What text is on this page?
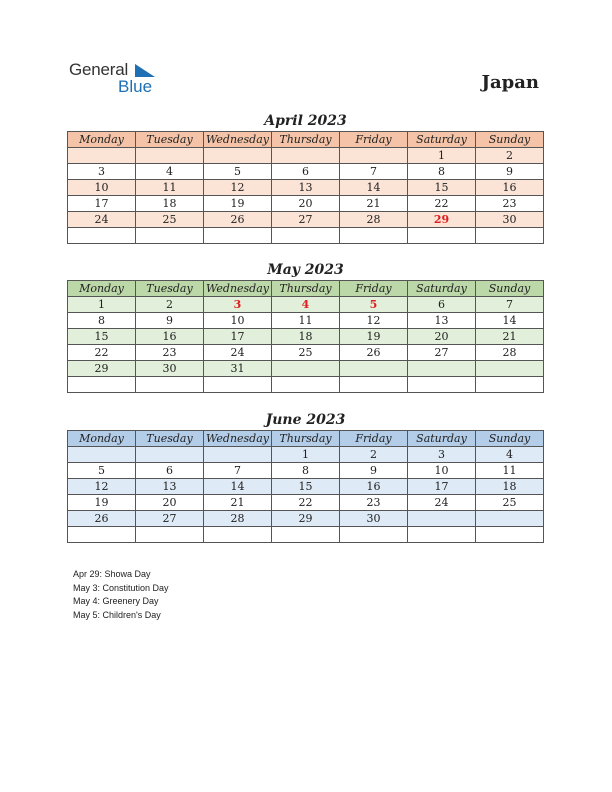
General
Blue	Japan
April 2023
Monday	Tuesday	Wednesday	Thursday	Friday	Saturday	Sunday
					1	2
3	4	5	6	7	8	9
10	11	12	13	14	15	16
17	18	19	20	21	22	23
24	25	26	27	28	29	30

May 2023
Monday	Tuesday	Wednesday	Thursday	Friday	Saturday	Sunday
1	2	3	4	5	6	7
8	9	10	11	12	13	14
15	16	17	18	19	20	21
22	23	24	25	26	27	28
29	30	31				

June 2023
Monday	Tuesday	Wednesday	Thursday	Friday	Saturday	Sunday
			1	2	3	4
5	6	7	8	9	10	11
12	13	14	15	16	17	18
19	20	21	22	23	24	25
26	27	28	29	30		

Apr 29: Showa Day
May 3: Constitution Day
May 4: Greenery Day
May 5: Children's Day
